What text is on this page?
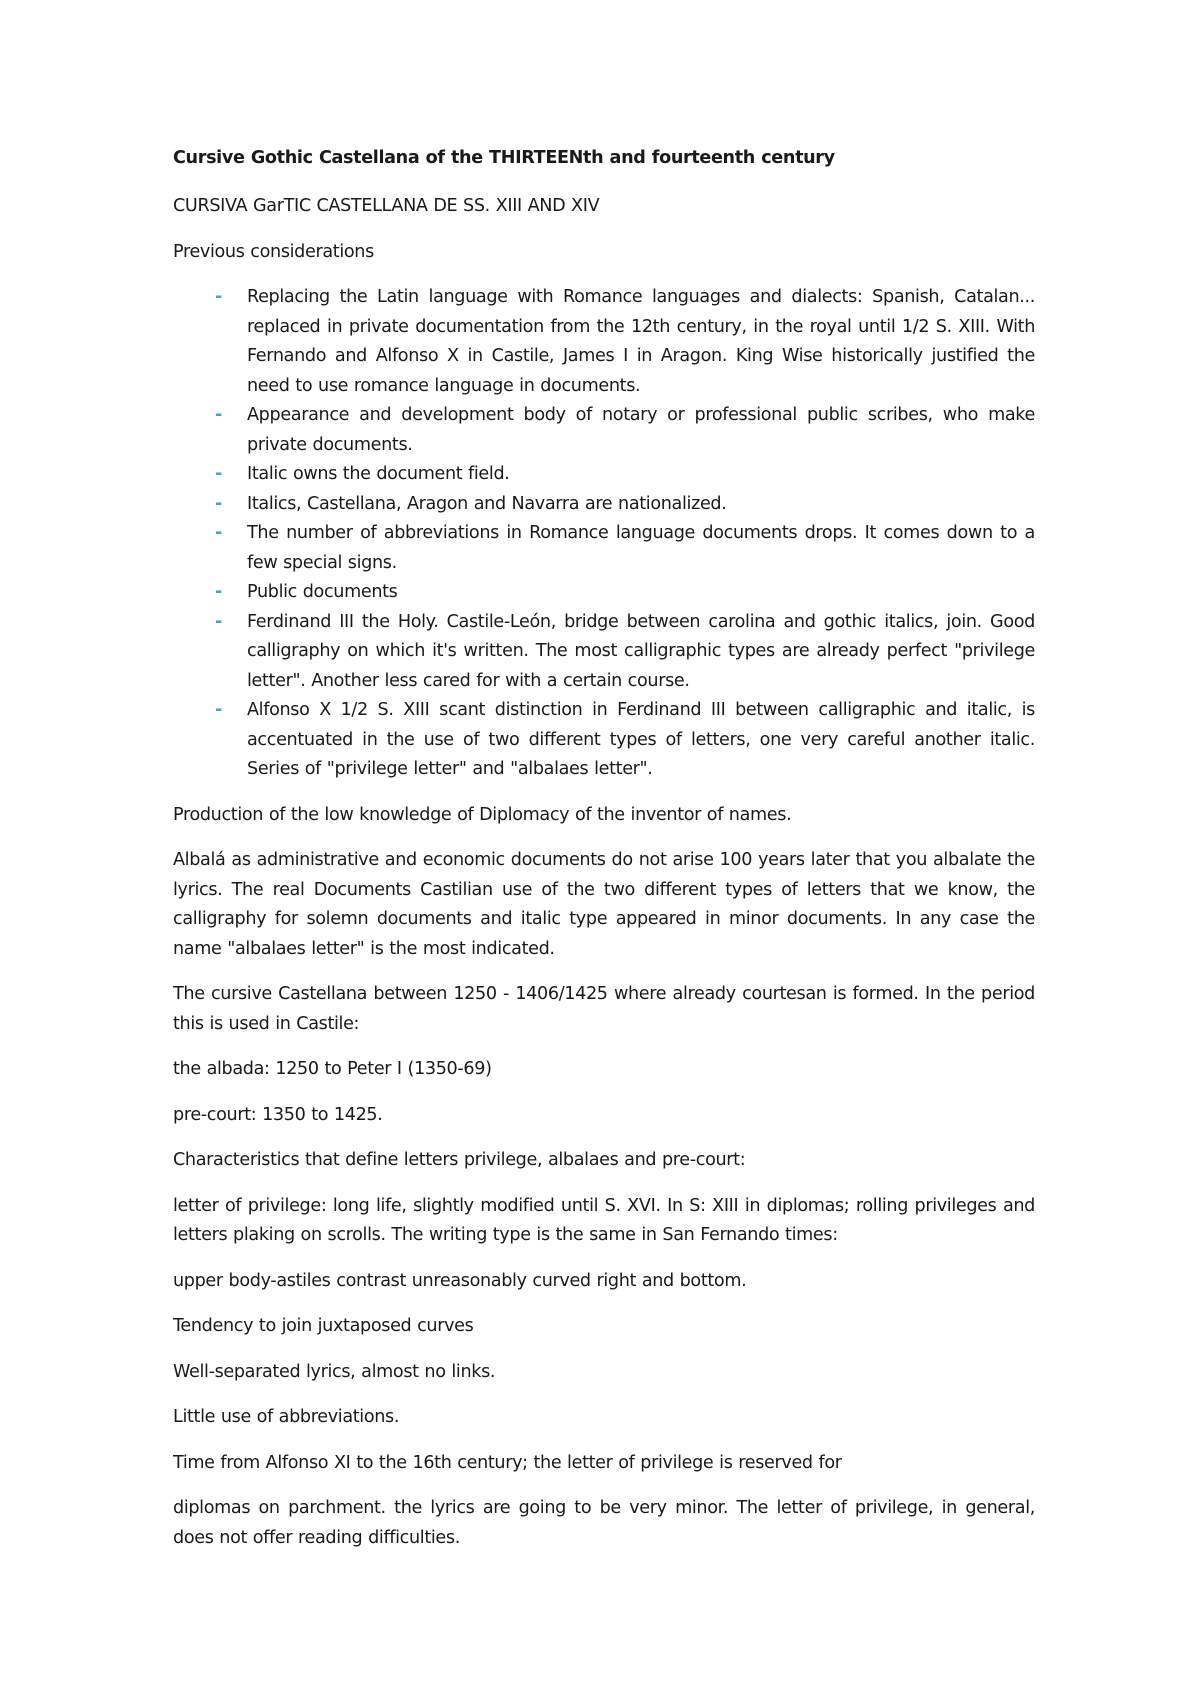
Cursive Gothic Castellana of the THIRTEENth and fourteenth century

CURSIVA GarTIC CASTELLANA DE SS. XIII AND XIV

Previous considerations

- Replacing the Latin language with Romance languages and dialects: Spanish, Catalan... replaced in private documentation from the 12th century, in the royal until 1/2 S. XIII. With Fernando and Alfonso X in Castile, James I in Aragon. King Wise historically justified the need to use romance language in documents.
- Appearance and development body of notary or professional public scribes, who make private documents.
- Italic owns the document field.
- Italics, Castellana, Aragon and Navarra are nationalized.
- The number of abbreviations in Romance language documents drops. It comes down to a few special signs.
- Public documents
- Ferdinand III the Holy. Castile-León, bridge between carolina and gothic italics, join. Good calligraphy on which it's written. The most calligraphic types are already perfect "privilege letter". Another less cared for with a certain course.
- Alfonso X 1/2 S. XIII scant distinction in Ferdinand III between calligraphic and italic, is accentuated in the use of two different types of letters, one very careful another italic. Series of "privilege letter" and "albalaes letter".

Production of the low knowledge of Diplomacy of the inventor of names.

Albalá as administrative and economic documents do not arise 100 years later that you albalate the lyrics. The real Documents Castilian use of the two different types of letters that we know, the calligraphy for solemn documents and italic type appeared in minor documents. In any case the name "albalaes letter" is the most indicated.

The cursive Castellana between 1250 - 1406/1425 where already courtesan is formed. In the period this is used in Castile:

the albada: 1250 to Peter I (1350-69)

pre-court: 1350 to 1425.

Characteristics that define letters privilege, albalaes and pre-court:

letter of privilege: long life, slightly modified until S. XVI. In S: XIII in diplomas; rolling privileges and letters plaking on scrolls. The writing type is the same in San Fernando times:

upper body-astiles contrast unreasonably curved right and bottom.

Tendency to join juxtaposed curves

Well-separated lyrics, almost no links.

Little use of abbreviations.

Time from Alfonso XI to the 16th century; the letter of privilege is reserved for

diplomas on parchment. the lyrics are going to be very minor. The letter of privilege, in general, does not offer reading difficulties.
